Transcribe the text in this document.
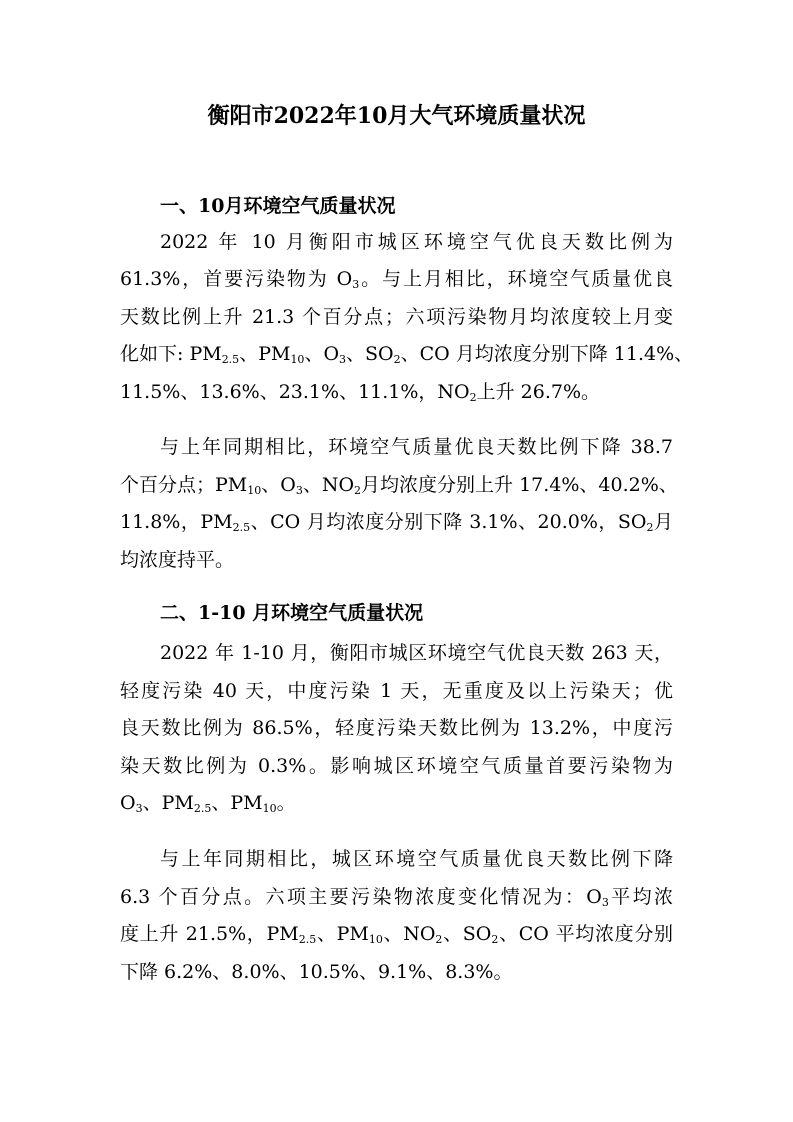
衡阳市2022年10月大气环境质量状况
一、10月环境空气质量状况
2022 年 10 月衡阳市城区环境空气优良天数比例为
61.3%，首要污染物为 $O_3$。与上月相比，环境空气质量优良
天数比例上升 21.3 个百分点；六项污染物月均浓度较上月变
化如下: $PM_{2.5}$、$PM_{10}$、$O_3$、$SO_2$、CO 月均浓度分别下降 11.4%、
11.5%、13.6%、23.1%、11.1%，$NO_2$上升 26.7%。
与上年同期相比，环境空气质量优良天数比例下降 38.7
个百分点；$PM_{10}$、$O_3$、$NO_2$月均浓度分别上升 17.4%、40.2%、
11.8%，$PM_{2.5}$、CO 月均浓度分别下降 3.1%、20.0%，$SO_2$月
均浓度持平。
二、1-10 月环境空气质量状况
2022 年 1-10 月，衡阳市城区环境空气优良天数 263 天，
轻度污染 40 天，中度污染 1 天，无重度及以上污染天；优
良天数比例为 86.5%，轻度污染天数比例为 13.2%，中度污
染天数比例为 0.3%。影响城区环境空气质量首要污染物为
$O_3$、$PM_{2.5}$、$PM_{10}$。
与上年同期相比，城区环境空气质量优良天数比例下降
6.3 个百分点。六项主要污染物浓度变化情况为：$O_3$平均浓
度上升 21.5%，$PM_{2.5}$、$PM_{10}$、$NO_2$、$SO_2$、CO 平均浓度分别
下降 6.2%、8.0%、10.5%、9.1%、8.3%。
